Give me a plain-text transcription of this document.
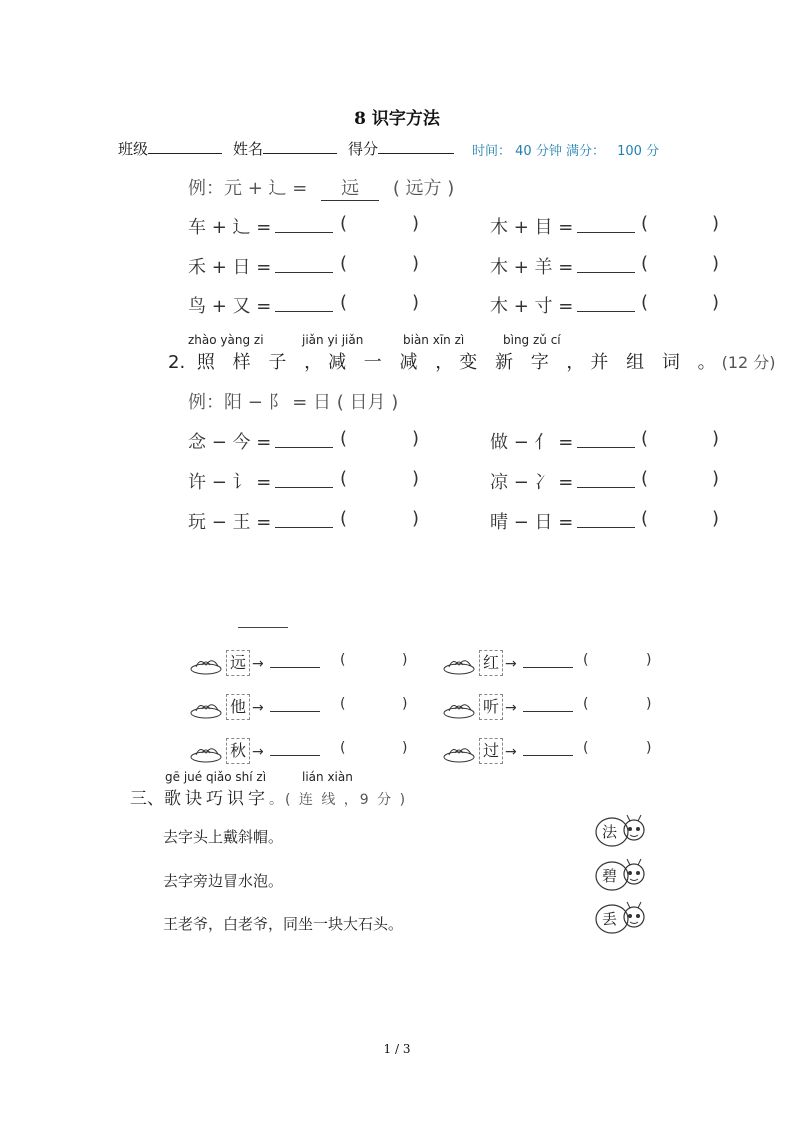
8 识字方法
班级	姓名	得分	时间： 40 分钟 满分： 100 分
例：元 + 辶 = 远 ( 远方 )
车 + 辶 =	(	)	木 + 目 =	(	)
禾 + 日 =	(	)	木 + 羊 =	(	)
鸟 + 又 =	(	)	木 + 寸 =	(	)
zhào yàng zi	jiǎn yi jiǎn	biàn xīn zì	bìng zǔ cí
2. 照 样 子 ，减 一 减 ，变 新 字 ，并 组 词 。(12 分)
例：阳 − 阝 = 日 ( 日月 )
念 − 今 =	(	)	做 − 亻 =	(	)
许 − 讠 =	(	)	凉 − 冫 =	(	)
玩 − 王 =	(	)	晴 − 日 =	(	)
远 →	(	)	红 →	(	)
他 →	(	)	听 →	(	)
秋 →	(	)	过 →	(	)
gē jué qiǎo shí zì	lián xiàn
三、歌诀巧识字。( 连 线 ，9 分 )
去字头上戴斜帽。
去字旁边冒水泡。
王老爷，白老爷，同坐一块大石头。
法
碧
丢
1 / 3
